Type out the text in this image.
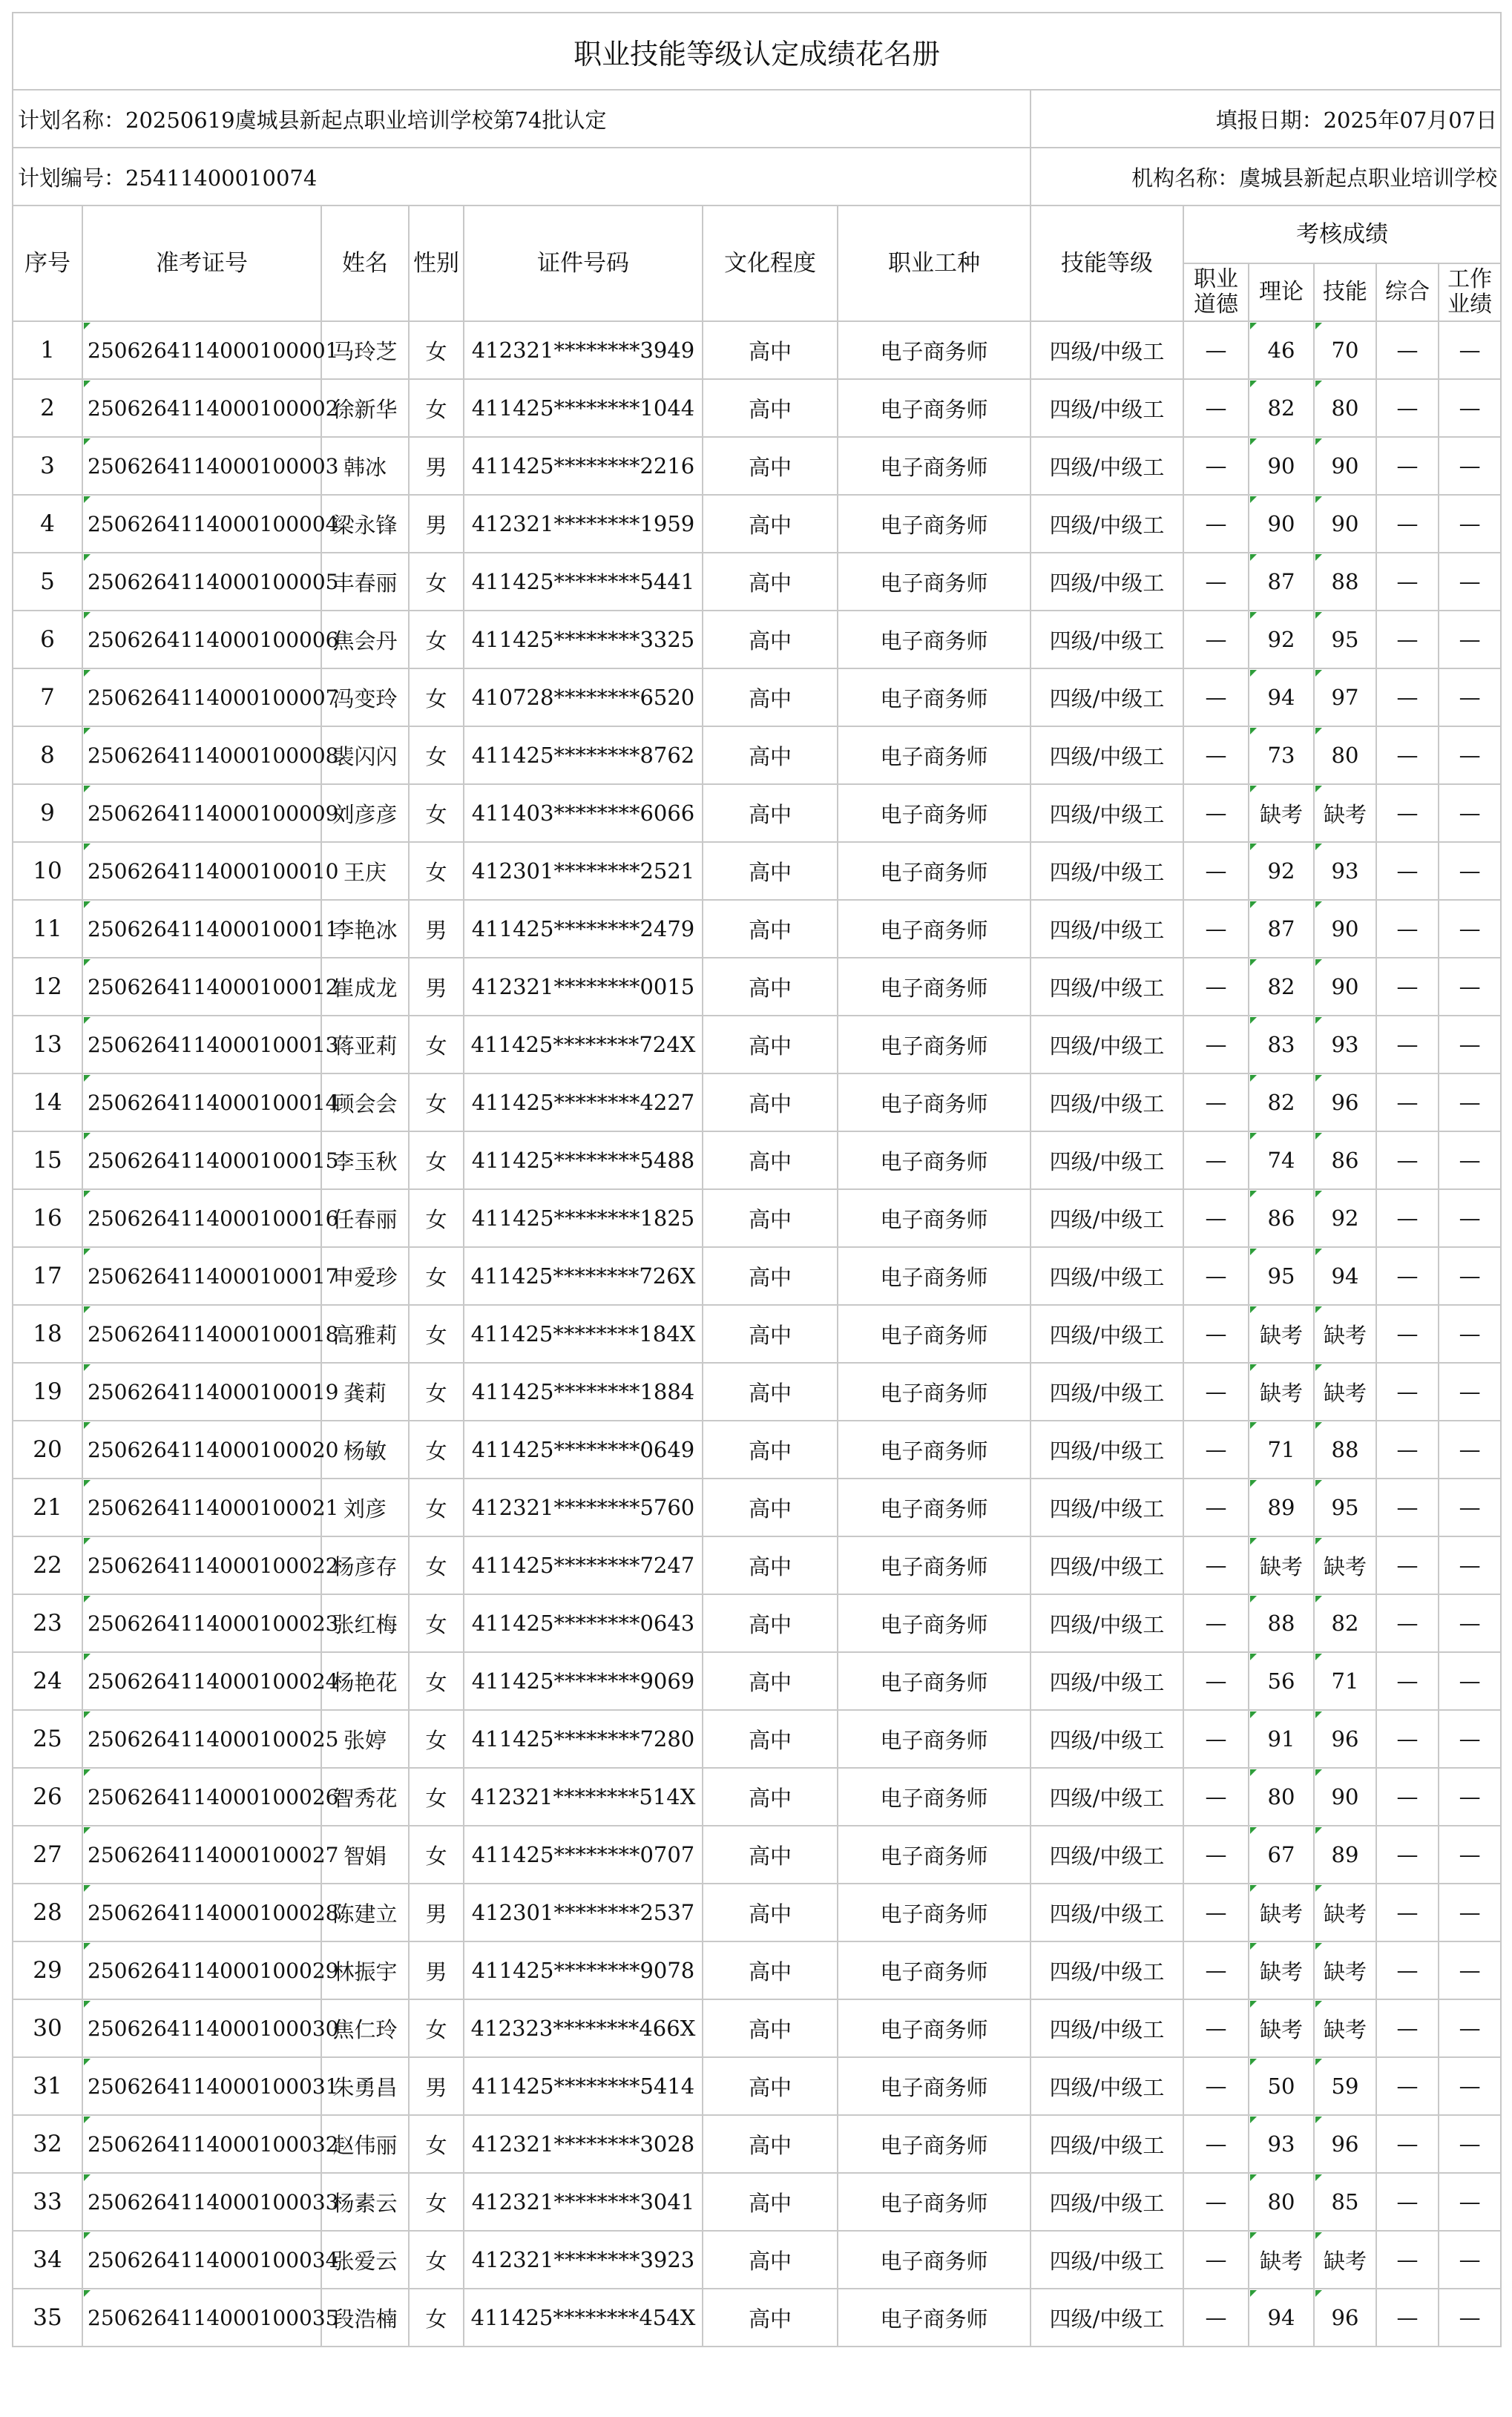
职业技能等级认定成绩花名册												
计划名称：20250619虞城县新起点职业培训学校第74批认定							填报日期：2025年07月07日					
计划编号：25411400010074							机构名称：虞城县新起点职业培训学校					
序号	准考证号	姓名	性别	证件号码	文化程度	职业工种	技能等级	考核成绩				
								职业道德	理论	技能	综合	工作业绩
1	2506264114000100001	马玲芝	女	412321********3949	高中	电子商务师	四级/中级工	—	46	70	—	—
2	2506264114000100002	徐新华	女	411425********1044	高中	电子商务师	四级/中级工	—	82	80	—	—
3	2506264114000100003	韩冰	男	411425********2216	高中	电子商务师	四级/中级工	—	90	90	—	—
4	2506264114000100004	梁永锋	男	412321********1959	高中	电子商务师	四级/中级工	—	90	90	—	—
5	2506264114000100005	丰春丽	女	411425********5441	高中	电子商务师	四级/中级工	—	87	88	—	—
6	2506264114000100006	焦会丹	女	411425********3325	高中	电子商务师	四级/中级工	—	92	95	—	—
7	2506264114000100007	冯变玲	女	410728********6520	高中	电子商务师	四级/中级工	—	94	97	—	—
8	2506264114000100008	裴闪闪	女	411425********8762	高中	电子商务师	四级/中级工	—	73	80	—	—
9	2506264114000100009	刘彦彦	女	411403********6066	高中	电子商务师	四级/中级工	—	缺考	缺考	—	—
10	2506264114000100010	王庆	女	412301********2521	高中	电子商务师	四级/中级工	—	92	93	—	—
11	2506264114000100011	李艳冰	男	411425********2479	高中	电子商务师	四级/中级工	—	87	90	—	—
12	2506264114000100012	崔成龙	男	412321********0015	高中	电子商务师	四级/中级工	—	82	90	—	—
13	2506264114000100013	蒋亚莉	女	411425********724X	高中	电子商务师	四级/中级工	—	83	93	—	—
14	2506264114000100014	顾会会	女	411425********4227	高中	电子商务师	四级/中级工	—	82	96	—	—
15	2506264114000100015	李玉秋	女	411425********5488	高中	电子商务师	四级/中级工	—	74	86	—	—
16	2506264114000100016	任春丽	女	411425********1825	高中	电子商务师	四级/中级工	—	86	92	—	—
17	2506264114000100017	申爱珍	女	411425********726X	高中	电子商务师	四级/中级工	—	95	94	—	—
18	2506264114000100018	高雅莉	女	411425********184X	高中	电子商务师	四级/中级工	—	缺考	缺考	—	—
19	2506264114000100019	龚莉	女	411425********1884	高中	电子商务师	四级/中级工	—	缺考	缺考	—	—
20	2506264114000100020	杨敏	女	411425********0649	高中	电子商务师	四级/中级工	—	71	88	—	—
21	2506264114000100021	刘彦	女	412321********5760	高中	电子商务师	四级/中级工	—	89	95	—	—
22	2506264114000100022	杨彦存	女	411425********7247	高中	电子商务师	四级/中级工	—	缺考	缺考	—	—
23	2506264114000100023	张红梅	女	411425********0643	高中	电子商务师	四级/中级工	—	88	82	—	—
24	2506264114000100024	杨艳花	女	411425********9069	高中	电子商务师	四级/中级工	—	56	71	—	—
25	2506264114000100025	张婷	女	411425********7280	高中	电子商务师	四级/中级工	—	91	96	—	—
26	2506264114000100026	智秀花	女	412321********514X	高中	电子商务师	四级/中级工	—	80	90	—	—
27	2506264114000100027	智娟	女	411425********0707	高中	电子商务师	四级/中级工	—	67	89	—	—
28	2506264114000100028	陈建立	男	412301********2537	高中	电子商务师	四级/中级工	—	缺考	缺考	—	—
29	2506264114000100029	林振宇	男	411425********9078	高中	电子商务师	四级/中级工	—	缺考	缺考	—	—
30	2506264114000100030	焦仁玲	女	412323********466X	高中	电子商务师	四级/中级工	—	缺考	缺考	—	—
31	2506264114000100031	朱勇昌	男	411425********5414	高中	电子商务师	四级/中级工	—	50	59	—	—
32	2506264114000100032	赵伟丽	女	412321********3028	高中	电子商务师	四级/中级工	—	93	96	—	—
33	2506264114000100033	杨素云	女	412321********3041	高中	电子商务师	四级/中级工	—	80	85	—	—
34	2506264114000100034	张爱云	女	412321********3923	高中	电子商务师	四级/中级工	—	缺考	缺考	—	—
35	2506264114000100035	段浩楠	女	411425********454X	高中	电子商务师	四级/中级工	—	94	96	—	—
